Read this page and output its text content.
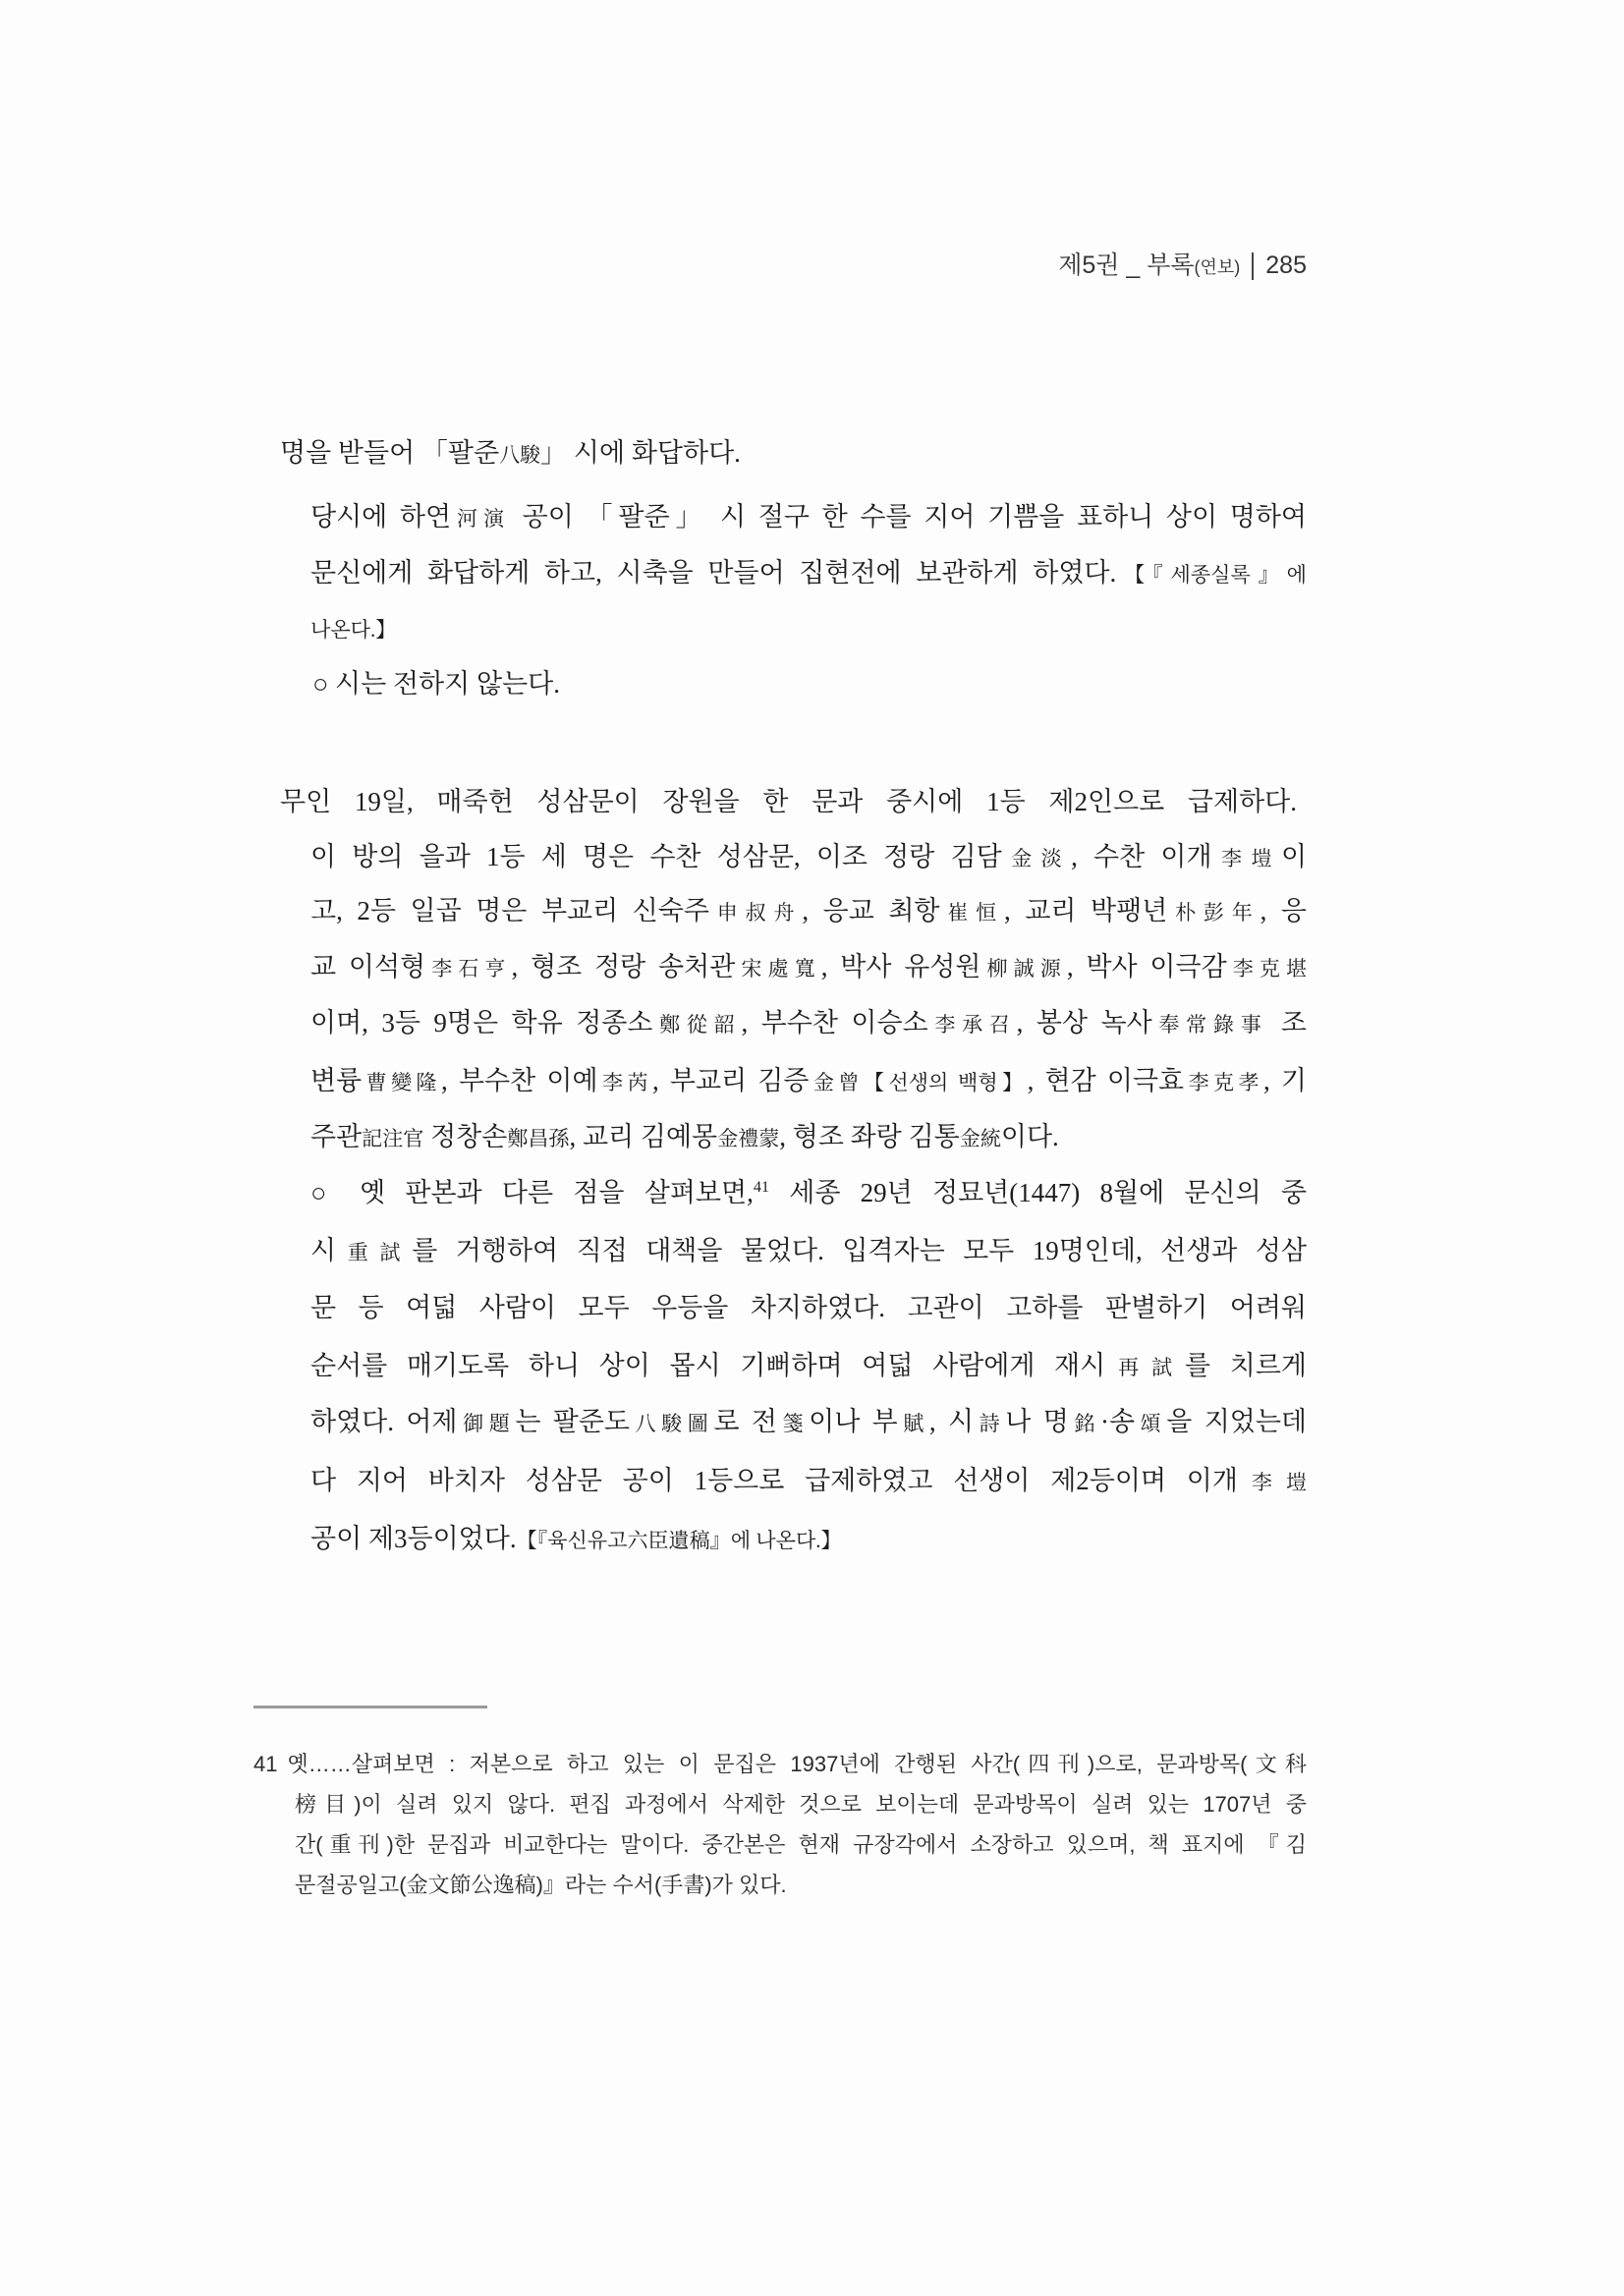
제5권 _ 부록(연보) 285
명을 받들어 「팔준八駿」 시에 화답하다.
당시에 하연河演 공이 「팔준」 시 절구 한 수를 지어 기쁨을 표하니 상이 명하여
문신에게 화답하게 하고, 시축을 만들어 집현전에 보관하게 하였다.【『세종실록』에
나온다.】
○ 시는 전하지 않는다.
무인 19일, 매죽헌 성삼문이 장원을 한 문과 중시에 1등 제2인으로 급제하다.
이 방의 을과 1등 세 명은 수찬 성삼문, 이조 정랑 김담金淡, 수찬 이개李塏이
고, 2등 일곱 명은 부교리 신숙주申叔舟, 응교 최항崔恒, 교리 박팽년朴彭年, 응
교 이석형李石亨, 형조 정랑 송처관宋處寬, 박사 유성원柳誠源, 박사 이극감李克堪
이며, 3등 9명은 학유 정종소鄭從韶, 부수찬 이승소李承召, 봉상 녹사奉常錄事 조
변륭曹變隆, 부수찬 이예李芮, 부교리 김증金曾【선생의 백형】, 현감 이극효李克孝, 기
주관記注官 정창손鄭昌孫, 교리 김예몽金禮蒙, 형조 좌랑 김통金統이다.
○ 옛 판본과 다른 점을 살펴보면,$^{41}$ 세종 29년 정묘년(1447) 8월에 문신의 중
시重試를 거행하여 직접 대책을 물었다. 입격자는 모두 19명인데, 선생과 성삼
문 등 여덟 사람이 모두 우등을 차지하였다. 고관이 고하를 판별하기 어려워
순서를 매기도록 하니 상이 몹시 기뻐하며 여덟 사람에게 재시再試를 치르게
하였다. 어제御題는 팔준도八駿圖로 전箋이나 부賦, 시詩나 명銘·송頌을 지었는데
다 지어 바치자 성삼문 공이 1등으로 급제하였고 선생이 제2등이며 이개李塏
공이 제3등이었다.【『육신유고六臣遺稿』에 나온다.】
41 옛……살펴보면 : 저본으로 하고 있는 이 문집은 1937년에 간행된 사간(四刊)으로, 문과방목(文科
榜目)이 실려 있지 않다. 편집 과정에서 삭제한 것으로 보이는데 문과방목이 실려 있는 1707년 중
간(重刊)한 문집과 비교한다는 말이다. 중간본은 현재 규장각에서 소장하고 있으며, 책 표지에 『김
문절공일고(金文節公逸稿)』라는 수서(手書)가 있다.
